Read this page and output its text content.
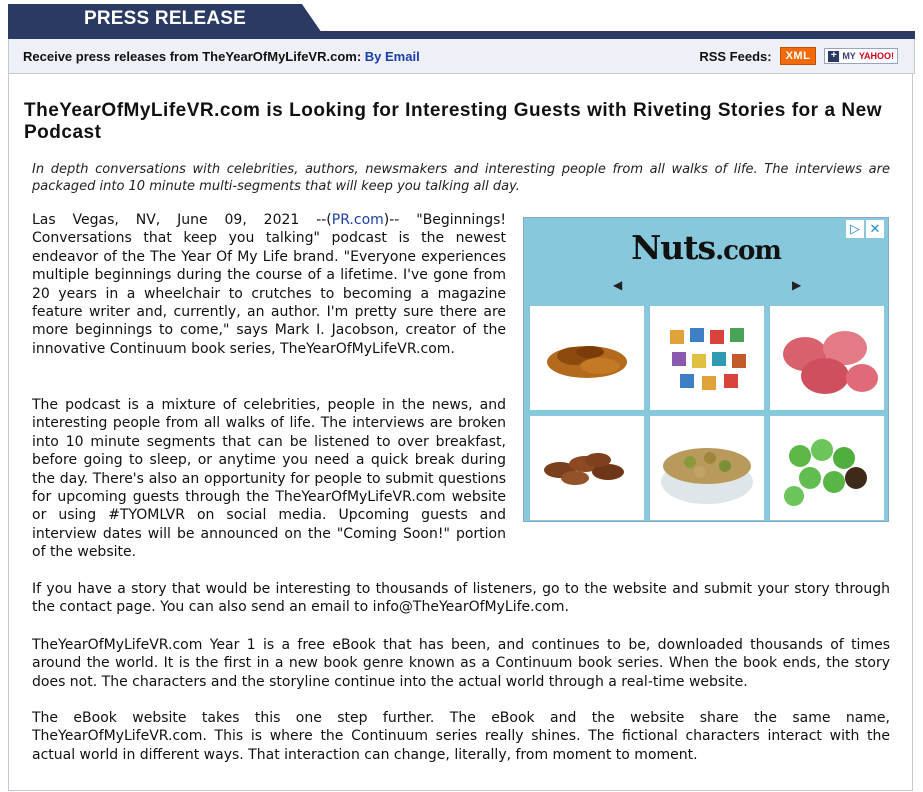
PRESS RELEASE
Receive press releases from TheYearOfMyLifeVR.com: By Email	RSS Feeds:	XML	+ MY YAHOO!
TheYearOfMyLifeVR.com is Looking for Interesting Guests with Riveting Stories for a New Podcast
In depth conversations with celebrities, authors, newsmakers and interesting people from all walks of life. The interviews are packaged into 10 minute multi-segments that will keep you talking all day.
Las Vegas, NV, June 09, 2021 --(PR.com)-- "Beginnings! Conversations that keep you talking" podcast is the newest endeavor of the The Year Of My Life brand. "Everyone experiences multiple beginnings during the course of a lifetime. I've gone from 20 years in a wheelchair to crutches to becoming a magazine feature writer and, currently, an author. I'm pretty sure there are more beginnings to come," says Mark I. Jacobson, creator of the innovative Continuum book series, TheYearOfMyLifeVR.com.
▷ ✕
Nuts.com
◀	▶
The podcast is a mixture of celebrities, people in the news, and interesting people from all walks of life. The interviews are broken into 10 minute segments that can be listened to over breakfast, before going to sleep, or anytime you need a quick break during the day. There's also an opportunity for people to submit questions for upcoming guests through the TheYearOfMyLifeVR.com website or using #TYOMLVR on social media. Upcoming guests and interview dates will be announced on the "Coming Soon!" portion of the website.
If you have a story that would be interesting to thousands of listeners, go to the website and submit your story through the contact page. You can also send an email to info@TheYearOfMyLife.com.
TheYearOfMyLifeVR.com Year 1 is a free eBook that has been, and continues to be, downloaded thousands of times around the world. It is the first in a new book genre known as a Continuum book series. When the book ends, the story does not. The characters and the storyline continue into the actual world through a real-time website.
The eBook website takes this one step further. The eBook and the website share the same name, TheYearOfMyLifeVR.com. This is where the Continuum series really shines. The fictional characters interact with the actual world in different ways. That interaction can change, literally, from moment to moment.
